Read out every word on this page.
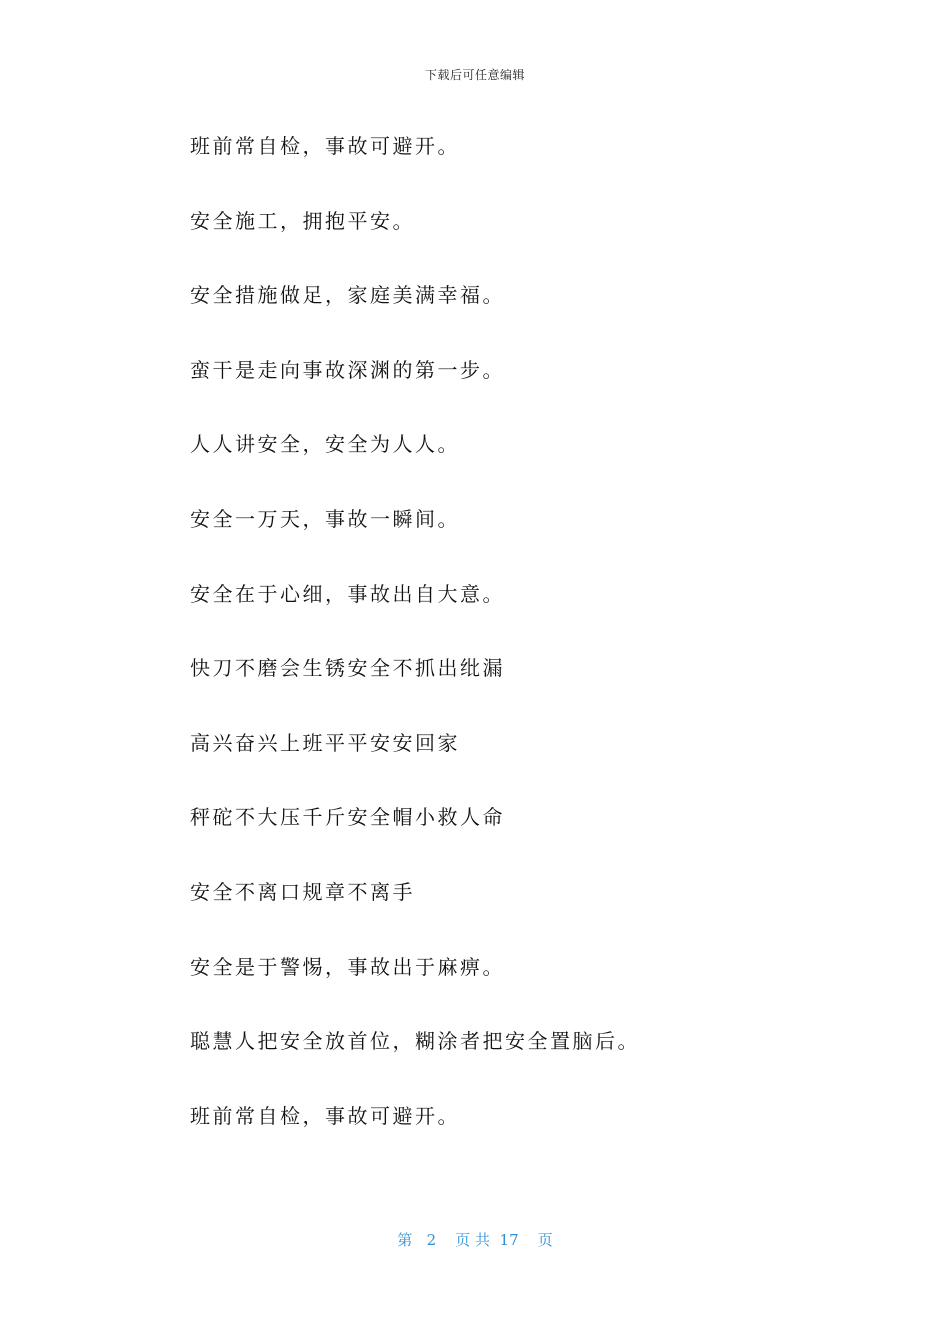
下载后可任意编辑
班前常自检，事故可避开。
安全施工，拥抱平安。
安全措施做足，家庭美满幸福。
蛮干是走向事故深渊的第一步。
人人讲安全，安全为人人。
安全一万天，事故一瞬间。
安全在于心细，事故出自大意。
快刀不磨会生锈安全不抓出纰漏
高兴奋兴上班平平安安回家
秤砣不大压千斤安全帽小救人命
安全不离口规章不离手
安全是于警惕，事故出于麻痹。
聪慧人把安全放首位，糊涂者把安全置脑后。
班前常自检，事故可避开。
第 2 页 共 17 页
